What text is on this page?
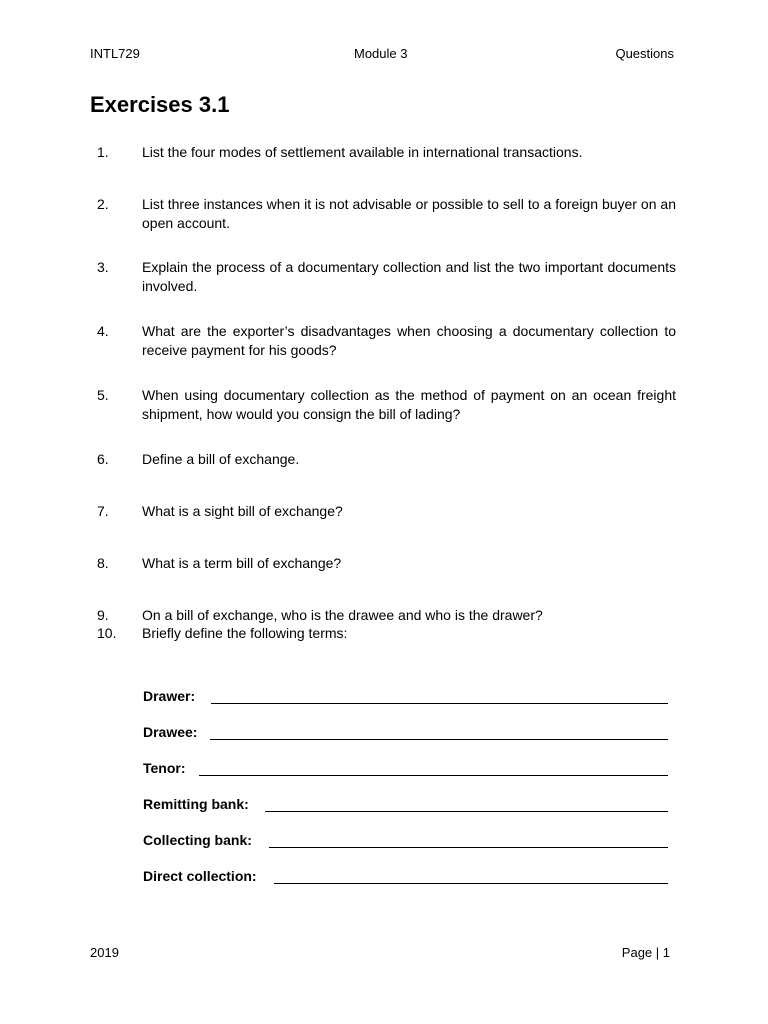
INTL729	Module 3	Questions
Exercises 3.1
1. List the four modes of settlement available in international transactions.
2. List three instances when it is not advisable or possible to sell to a foreign buyer on an open account.
3. Explain the process of a documentary collection and list the two important documents involved.
4. What are the exporter’s disadvantages when choosing a documentary collection to receive payment for his goods?
5. When using documentary collection as the method of payment on an ocean freight shipment, how would you consign the bill of lading?
6. Define a bill of exchange.
7. What is a sight bill of exchange?
8. What is a term bill of exchange?
9. On a bill of exchange, who is the drawee and who is the drawer?
10. Briefly define the following terms:
Drawer:
Drawee:
Tenor:
Remitting bank:
Collecting bank:
Direct collection:
2019	Page | 1
